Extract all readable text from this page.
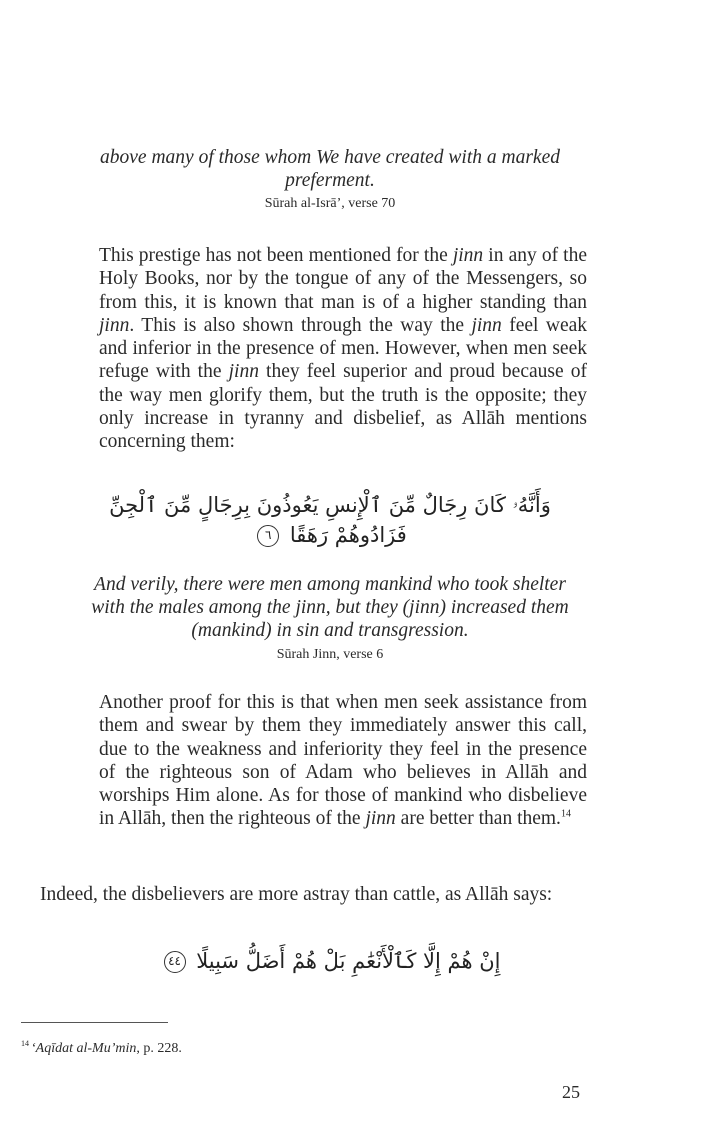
above many of those whom We have created with a marked
preferment.
Sūrah al-Isrā’, verse 70
This prestige has not been mentioned for the jinn in any of the Holy Books, nor by the tongue of any of the Messengers, so from this, it is known that man is of a higher standing than jinn. This is also shown through the way the jinn feel weak and inferior in the presence of men. However, when men seek refuge with the jinn they feel superior and proud because of the way men glorify them, but the truth is the opposite; they only increase in tyranny and disbelief, as Allāh mentions concerning them:
وَأَنَّهُۥ كَانَ رِجَالٌ مِّنَ ٱلْإِنسِ يَعُوذُونَ بِرِجَالٍ مِّنَ ٱلْجِنِّ
فَزَادُوهُمْ رَهَقًا ٦
And verily, there were men among mankind who took shelter
with the males among the jinn, but they (jinn) increased them
(mankind) in sin and transgression.
Sūrah Jinn, verse 6
Another proof for this is that when men seek assistance from them and swear by them they immediately answer this call, due to the weakness and inferiority they feel in the presence of the righteous son of Adam who believes in Allāh and worships Him alone. As for those of mankind who disbelieve in Allāh, then the righteous of the jinn are better than them.$^{14}$
Indeed, the disbelievers are more astray than cattle, as Allāh says:
إِنْ هُمْ إِلَّا كَٱلْأَنْعَٰمِ بَلْ هُمْ أَضَلُّ سَبِيلًا ٤٤
$^{14}$ ‘Aqīdat al-Mu’min, p. 228.
25
